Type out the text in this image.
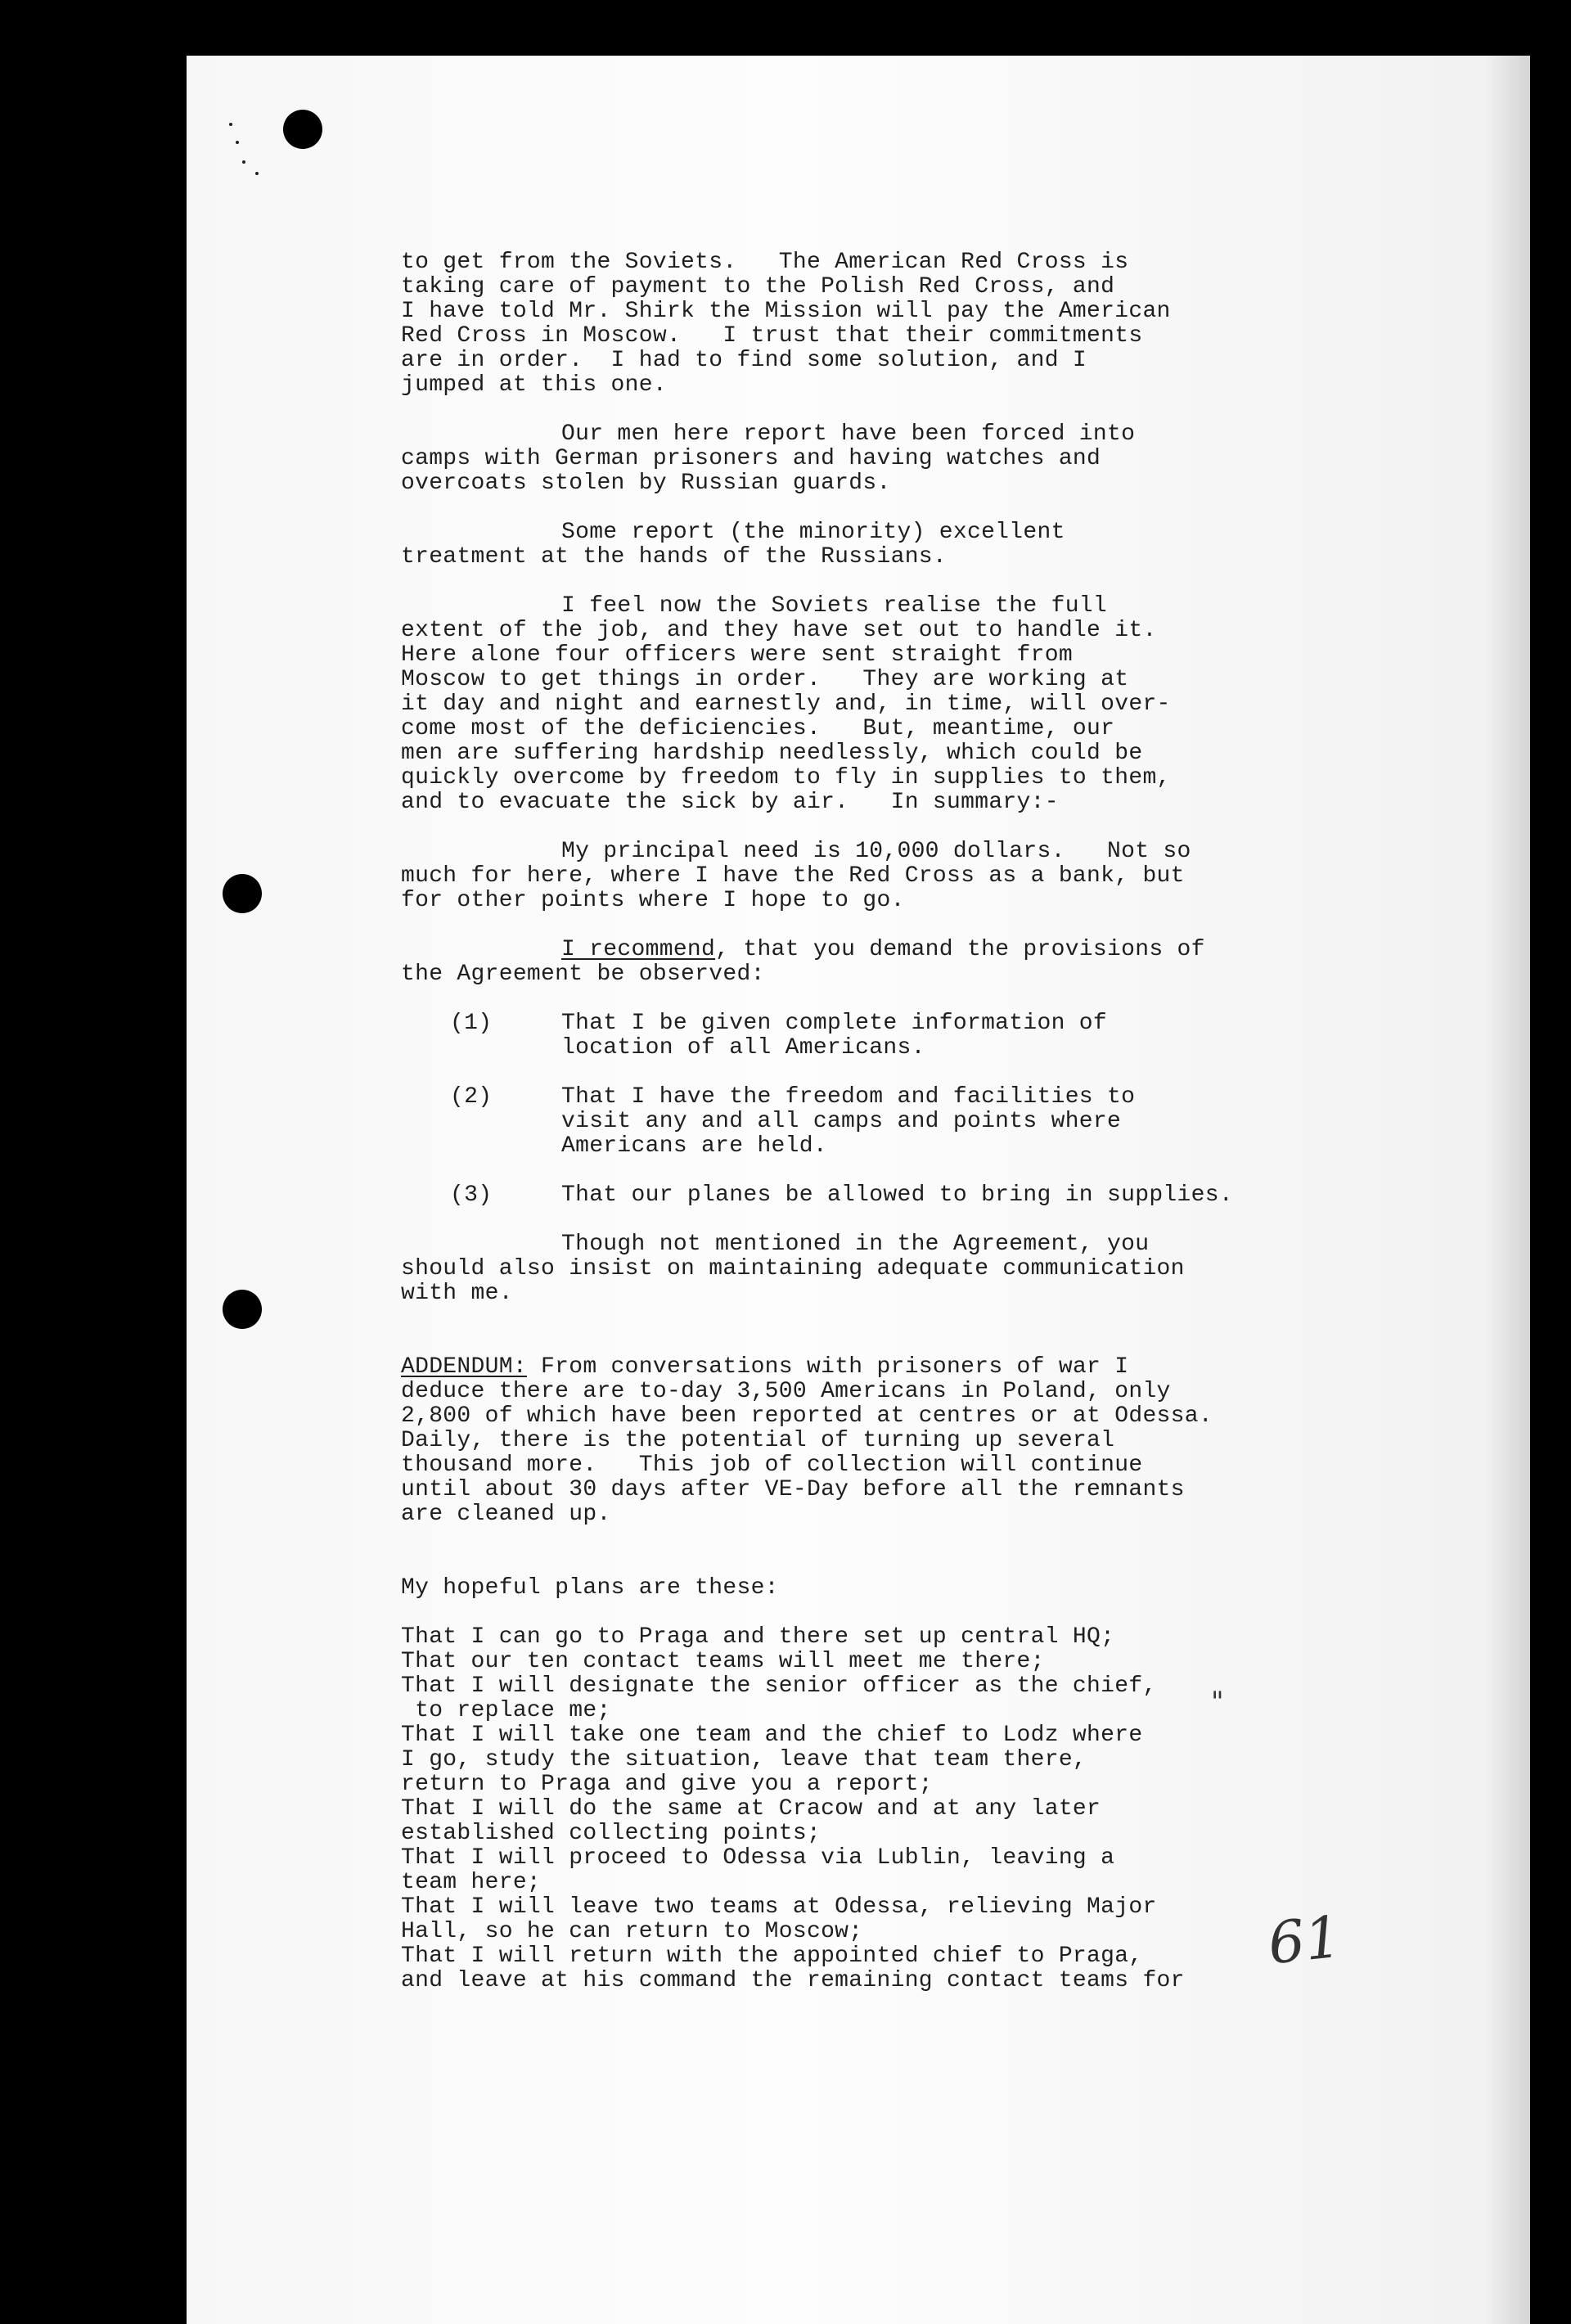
to get from the Soviets.   The American Red Cross is
taking care of payment to the Polish Red Cross, and
I have told Mr. Shirk the Mission will pay the American
Red Cross in Moscow.   I trust that their commitments
are in order.  I had to find some solution, and I
jumped at this one.
Our men here report have been forced into
camps with German prisoners and having watches and
overcoats stolen by Russian guards.
Some report (the minority) excellent
treatment at the hands of the Russians.
I feel now the Soviets realise the full
extent of the job, and they have set out to handle it.
Here alone four officers were sent straight from
Moscow to get things in order.   They are working at
it day and night and earnestly and, in time, will over-
come most of the deficiencies.   But, meantime, our
men are suffering hardship needlessly, which could be
quickly overcome by freedom to fly in supplies to them,
and to evacuate the sick by air.   In summary:-
My principal need is 10,000 dollars.   Not so
much for here, where I have the Red Cross as a bank, but
for other points where I hope to go.
I recommend, that you demand the provisions of
the Agreement be observed:
(1)	That I be given complete information of
location of all Americans.
(2)	That I have the freedom and facilities to
visit any and all camps and points where
Americans are held.
(3)	That our planes be allowed to bring in supplies.
Though not mentioned in the Agreement, you
should also insist on maintaining adequate communication
with me.
ADDENDUM: From conversations with prisoners of war I
deduce there are to-day 3,500 Americans in Poland, only
2,800 of which have been reported at centres or at Odessa.
Daily, there is the potential of turning up several
thousand more.   This job of collection will continue
until about 30 days after VE-Day before all the remnants
are cleaned up.
My hopeful plans are these:
That I can go to Praga and there set up central HQ;
That our ten contact teams will meet me there;
That I will designate the senior officer as the chief,
to replace me;
That I will take one team and the chief to Lodz where
I go, study the situation, leave that team there,
return to Praga and give you a report;
That I will do the same at Cracow and at any later
established collecting points;
That I will proceed to Odessa via Lublin, leaving a
team here;
That I will leave two teams at Odessa, relieving Major
Hall, so he can return to Moscow;
That I will return with the appointed chief to Praga,
and leave at his command the remaining contact teams for
"
61
